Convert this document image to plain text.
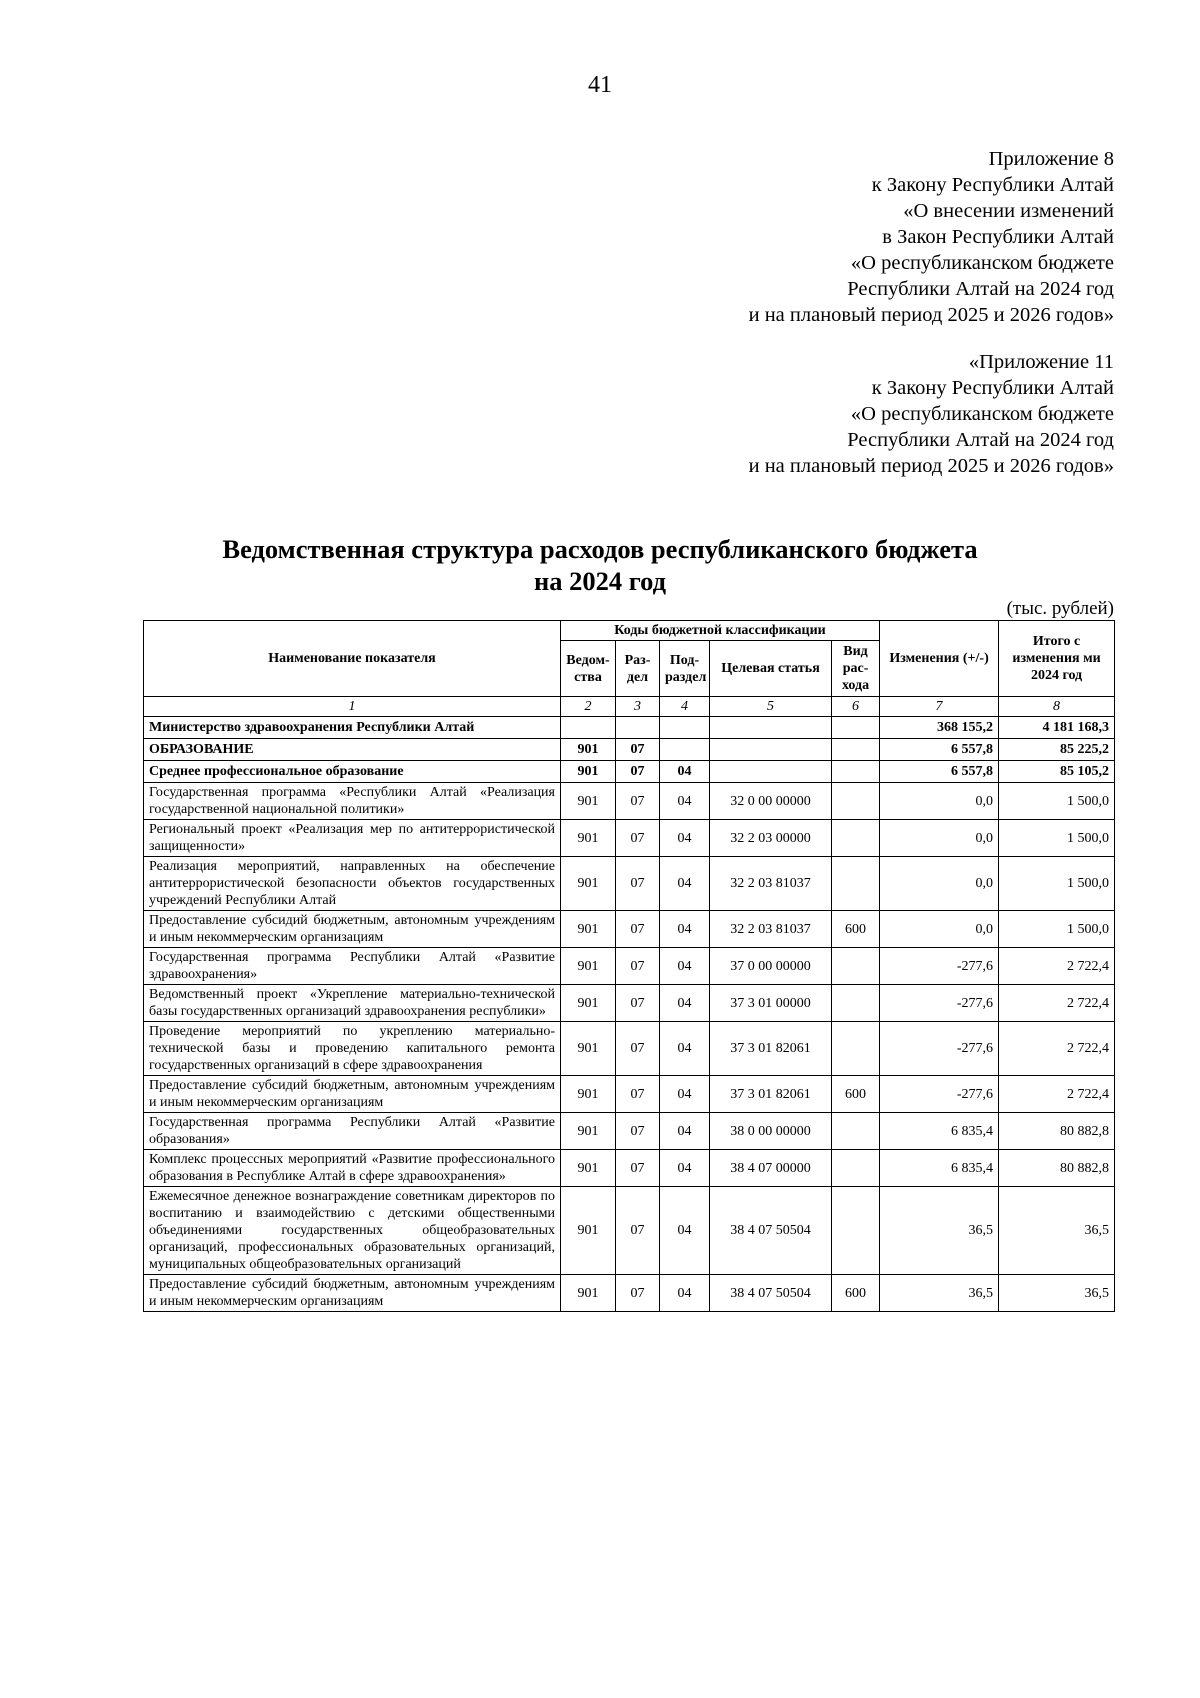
41
Приложение 8
к Закону Республики Алтай
«О внесении изменений
в Закон Республики Алтай
«О республиканском бюджете
Республики Алтай на 2024 год
и на плановый период 2025 и 2026 годов»
«Приложение 11
к Закону Республики Алтай
«О республиканском бюджете
Республики Алтай на 2024 год
и на плановый период 2025 и 2026 годов»
Ведомственная структура расходов республиканского бюджета
на 2024 год
(тыс. рублей)
Наименование показателя	Коды бюджетной классификации					Изменения (+/-)	Итого с изменения ми 2024 год
	Ведом-ства	Раз-дел	Под-раздел	Целевая статья	Вид рас-хода		
1	2	3	4	5	6	7	8
Министерство здравоохранения Республики Алтай						368 155,2	4 181 168,3
ОБРАЗОВАНИЕ	901	07				6 557,8	85 225,2
Среднее профессиональное образование	901	07	04			6 557,8	85 105,2
Государственная программа «Республики Алтай «Реализация государственной национальной политики»	901	07	04	32 0 00 00000		0,0	1 500,0
Региональный проект «Реализация мер по антитеррористической защищенности»	901	07	04	32 2 03 00000		0,0	1 500,0
Реализация мероприятий, направленных на обеспечение антитеррористической безопасности объектов государственных учреждений Республики Алтай	901	07	04	32 2 03 81037		0,0	1 500,0
Предоставление субсидий бюджетным, автономным учреждениям и иным некоммерческим организациям	901	07	04	32 2 03 81037	600	0,0	1 500,0
Государственная программа Республики Алтай «Развитие здравоохранения»	901	07	04	37 0 00 00000		-277,6	2 722,4
Ведомственный проект «Укрепление материально-технической базы государственных организаций здравоохранения республики»	901	07	04	37 3 01 00000		-277,6	2 722,4
Проведение мероприятий по укреплению материально-технической базы и проведению капитального ремонта государственных организаций в сфере здравоохранения	901	07	04	37 3 01 82061		-277,6	2 722,4
Предоставление субсидий бюджетным, автономным учреждениям и иным некоммерческим организациям	901	07	04	37 3 01 82061	600	-277,6	2 722,4
Государственная программа Республики Алтай «Развитие образования»	901	07	04	38 0 00 00000		6 835,4	80 882,8
Комплекс процессных мероприятий «Развитие профессионального образования в Республике Алтай в сфере здравоохранения»	901	07	04	38 4 07 00000		6 835,4	80 882,8
Ежемесячное денежное вознаграждение советникам директоров по воспитанию и взаимодействию с детскими общественными объединениями государственных общеобразовательных организаций, профессиональных образовательных организаций, муниципальных общеобразовательных организаций	901	07	04	38 4 07 50504		36,5	36,5
Предоставление субсидий бюджетным, автономным учреждениям и иным некоммерческим организациям	901	07	04	38 4 07 50504	600	36,5	36,5
